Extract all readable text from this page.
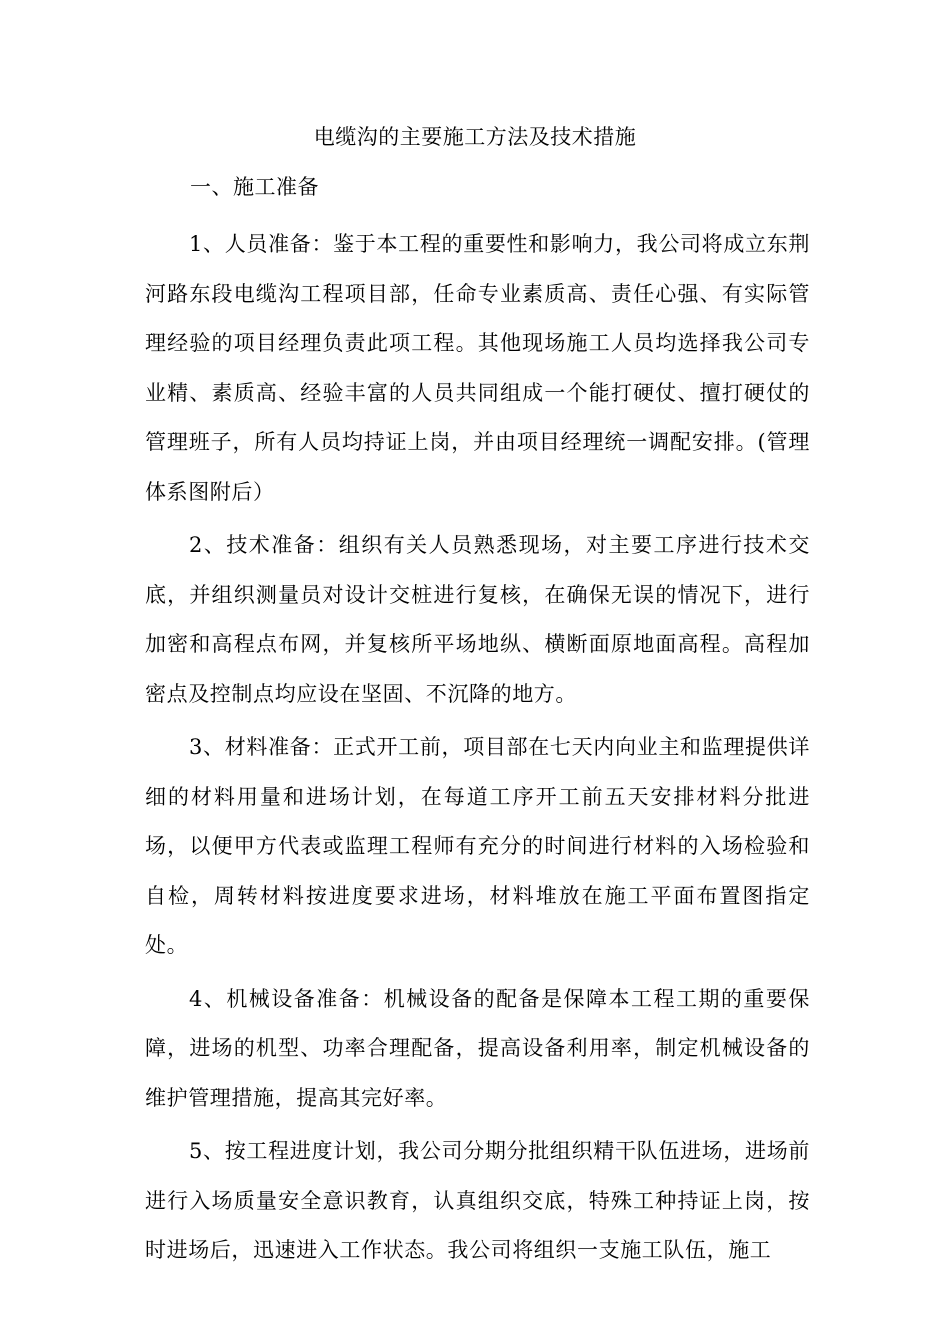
电缆沟的主要施工方法及技术措施
一、施工准备

1、人员准备：鉴于本工程的重要性和影响力，我公司将成立东荆河路东段电缆沟工程项目部，任命专业素质高、责任心强、有实际管理经验的项目经理负责此项工程。其他现场施工人员均选择我公司专业精、素质高、经验丰富的人员共同组成一个能打硬仗、擅打硬仗的管理班子，所有人员均持证上岗，并由项目经理统一调配安排。(管理体系图附后）

2、技术准备：组织有关人员熟悉现场，对主要工序进行技术交底，并组织测量员对设计交桩进行复核，在确保无误的情况下，进行加密和高程点布网，并复核所平场地纵、横断面原地面高程。高程加密点及控制点均应设在坚固、不沉降的地方。

3、材料准备：正式开工前，项目部在七天内向业主和监理提供详细的材料用量和进场计划，在每道工序开工前五天安排材料分批进场，以便甲方代表或监理工程师有充分的时间进行材料的入场检验和自检，周转材料按进度要求进场，材料堆放在施工平面布置图指定处。

4、机械设备准备：机械设备的配备是保障本工程工期的重要保障，进场的机型、功率合理配备，提高设备利用率，制定机械设备的维护管理措施，提高其完好率。

5、按工程进度计划，我公司分期分批组织精干队伍进场，进场前进行入场质量安全意识教育，认真组织交底，特殊工种持证上岗，按时进场后，迅速进入工作状态。我公司将组织一支施工队伍，施工
